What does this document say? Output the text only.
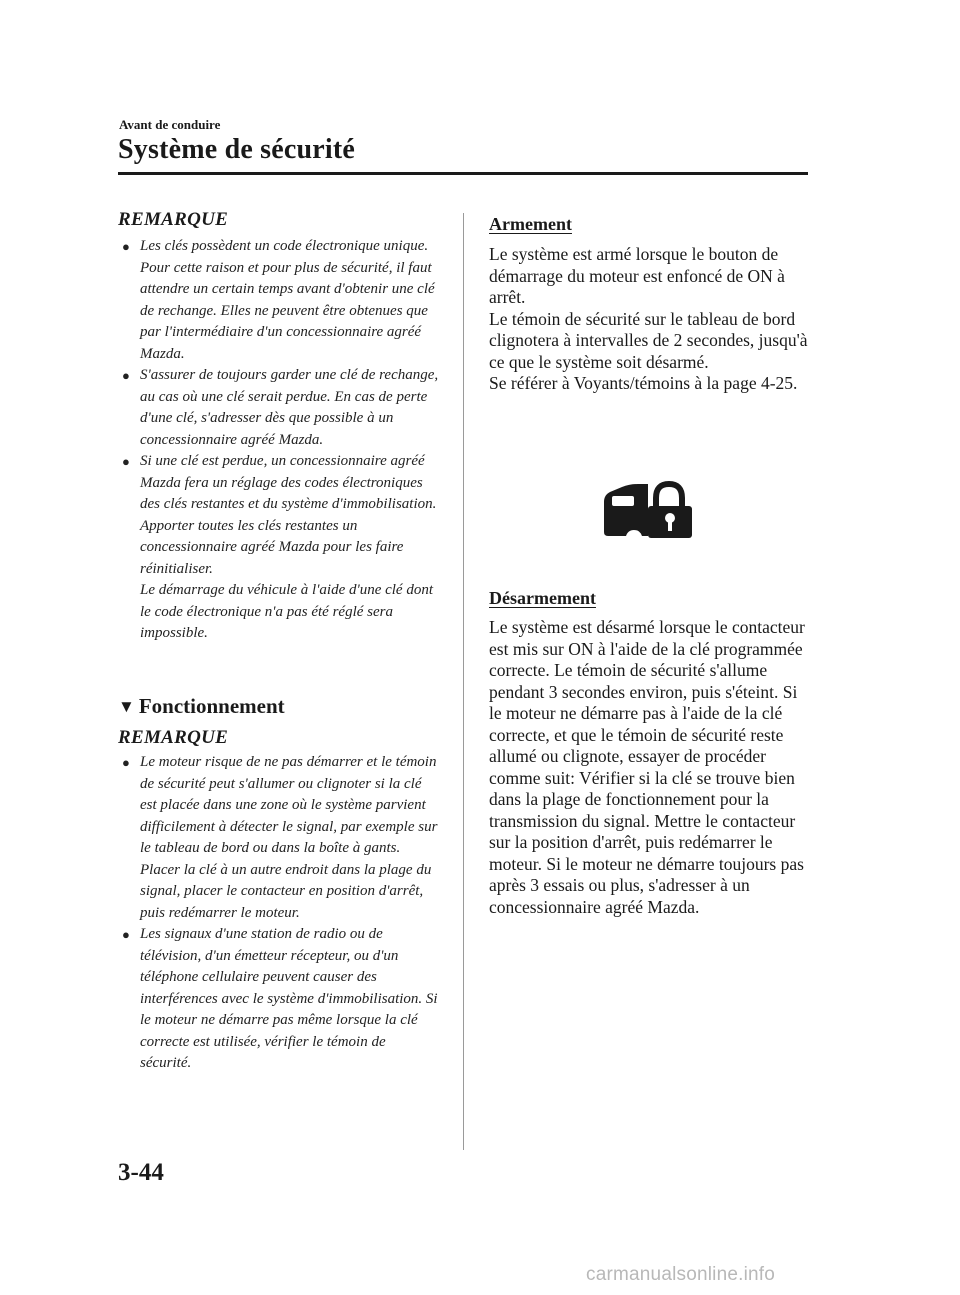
Avant de conduire
Système de sécurité
REMARQUE
● Les clés possèdent un code électronique unique. Pour cette raison et pour plus de sécurité, il faut attendre un certain temps avant d'obtenir une clé de rechange. Elles ne peuvent être obtenues que par l'intermédiaire d'un concessionnaire agréé Mazda.
● S'assurer de toujours garder une clé de rechange, au cas où une clé serait perdue. En cas de perte d'une clé, s'adresser dès que possible à un concessionnaire agréé Mazda.
● Si une clé est perdue, un concessionnaire agréé Mazda fera un réglage des codes électroniques des clés restantes et du système d'immobilisation. Apporter toutes les clés restantes un concessionnaire agréé Mazda pour les faire réinitialiser.
Le démarrage du véhicule à l'aide d'une clé dont le code électronique n'a pas été réglé sera impossible.
▼ Fonctionnement
REMARQUE
● Le moteur risque de ne pas démarrer et le témoin de sécurité peut s'allumer ou clignoter si la clé est placée dans une zone où le système parvient difficilement à détecter le signal, par exemple sur le tableau de bord ou dans la boîte à gants. Placer la clé à un autre endroit dans la plage du signal, placer le contacteur en position d'arrêt, puis redémarrer le moteur.
● Les signaux d'une station de radio ou de télévision, d'un émetteur récepteur, ou d'un téléphone cellulaire peuvent causer des interférences avec le système d'immobilisation. Si le moteur ne démarre pas même lorsque la clé correcte est utilisée, vérifier le témoin de sécurité.
Armement
Le système est armé lorsque le bouton de démarrage du moteur est enfoncé de ON à arrêt.
Le témoin de sécurité sur le tableau de bord clignotera à intervalles de 2 secondes, jusqu'à ce que le système soit désarmé.
Se référer à Voyants/témoins à la page 4-25.
Désarmement
Le système est désarmé lorsque le contacteur est mis sur ON à l'aide de la clé programmée correcte. Le témoin de sécurité s'allume pendant 3 secondes environ, puis s'éteint. Si le moteur ne démarre pas à l'aide de la clé correcte, et que le témoin de sécurité reste allumé ou clignote, essayer de procéder comme suit: Vérifier si la clé se trouve bien dans la plage de fonctionnement pour la transmission du signal. Mettre le contacteur sur la position d'arrêt, puis redémarrer le moteur. Si le moteur ne démarre toujours pas après 3 essais ou plus, s'adresser à un concessionnaire agréé Mazda.
3-44
carmanualsonline.info
